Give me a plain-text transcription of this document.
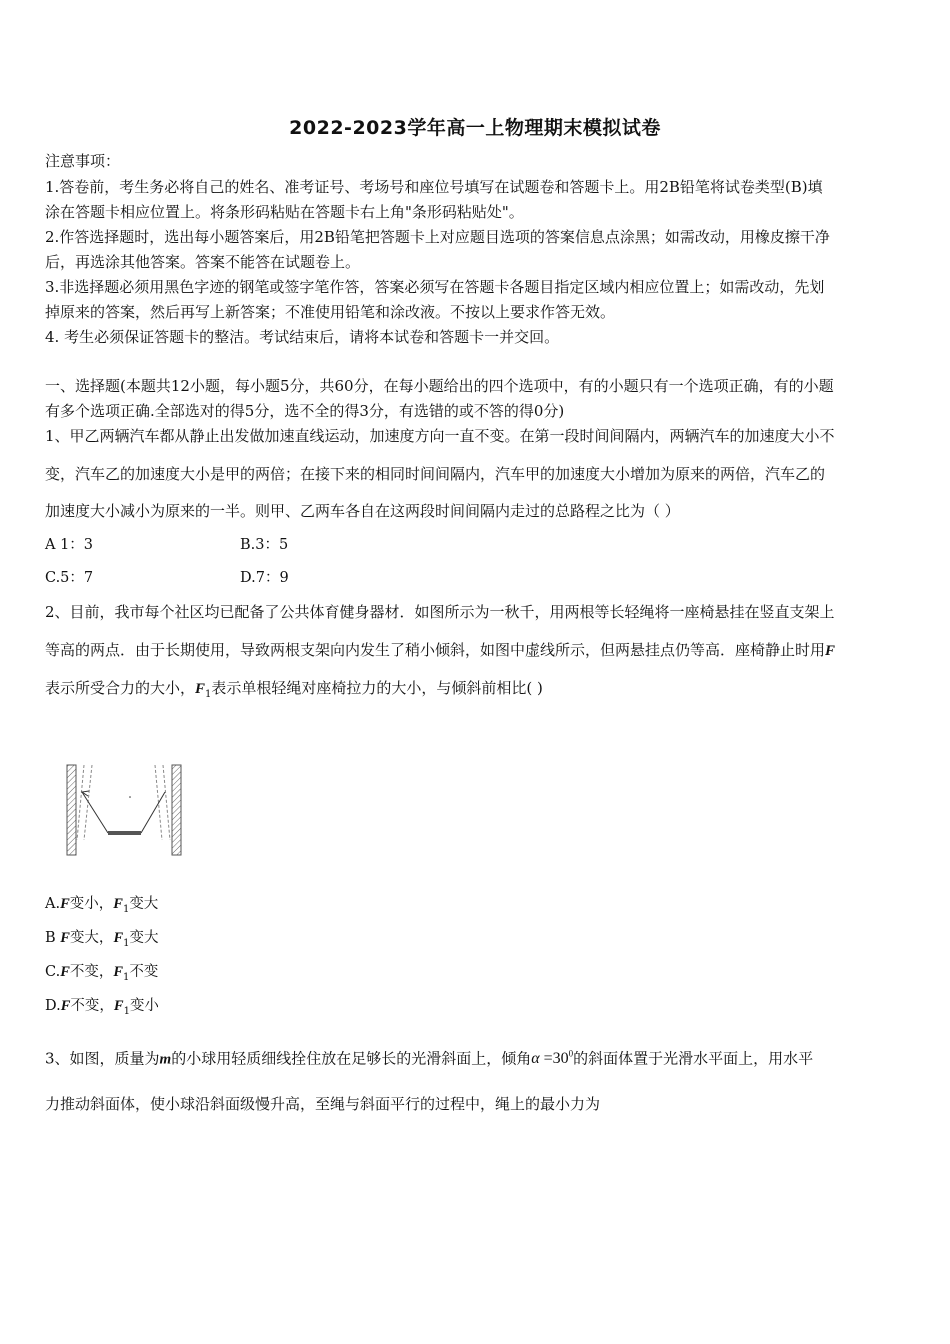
2022-2023学年高一上物理期末模拟试卷
注意事项：
1.答卷前，考生务必将自己的姓名、准考证号、考场号和座位号填写在试题卷和答题卡上。用2B铅笔将试卷类型(B)填
涂在答题卡相应位置上。将条形码粘贴在答题卡右上角"条形码粘贴处"。
2.作答选择题时，选出每小题答案后，用2B铅笔把答题卡上对应题目选项的答案信息点涂黑；如需改动，用橡皮擦干净
后，再选涂其他答案。答案不能答在试题卷上。
3.非选择题必须用黑色字迹的钢笔或签字笔作答，答案必须写在答题卡各题目指定区域内相应位置上；如需改动，先划
掉原来的答案，然后再写上新答案；不准使用铅笔和涂改液。不按以上要求作答无效。
4. 考生必须保证答题卡的整洁。考试结束后，请将本试卷和答题卡一并交回。
一、选择题(本题共12小题，每小题5分，共60分，在每小题给出的四个选项中，有的小题只有一个选项正确，有的小题
有多个选项正确.全部选对的得5分，选不全的得3分，有选错的或不答的得0分)
1、甲乙两辆汽车都从静止出发做加速直线运动，加速度方向一直不变。在第一段时间间隔内，两辆汽车的加速度大小不
变，汽车乙的加速度大小是甲的两倍；在接下来的相同时间间隔内，汽车甲的加速度大小增加为原来的两倍，汽车乙的
加速度大小减小为原来的一半。则甲、乙两车各自在这两段时间间隔内走过的总路程之比为（ ）
A 1：3	B.3：5
C.5：7	D.7：9
2、目前，我市每个社区均已配备了公共体育健身器材．如图所示为一秋千，用两根等长轻绳将一座椅悬挂在竖直支架上
等高的两点．由于长期使用，导致两根支架向内发生了稍小倾斜，如图中虚线所示，但两悬挂点仍等高．座椅静止时用F
表示所受合力的大小，$F_1$表示单根轻绳对座椅拉力的大小，与倾斜前相比( )
A.F变小，$F_1$变大
B F变大，$F_1$变大
C.F不变，$F_1$不变
D.F不变，$F_1$变小
3、如图，质量为m的小球用轻质细线拴住放在足够长的光滑斜面上，倾角$\alpha =30^0$的斜面体置于光滑水平面上，用水平
力推动斜面体，使小球沿斜面级慢升高，至绳与斜面平行的过程中，绳上的最小力为
